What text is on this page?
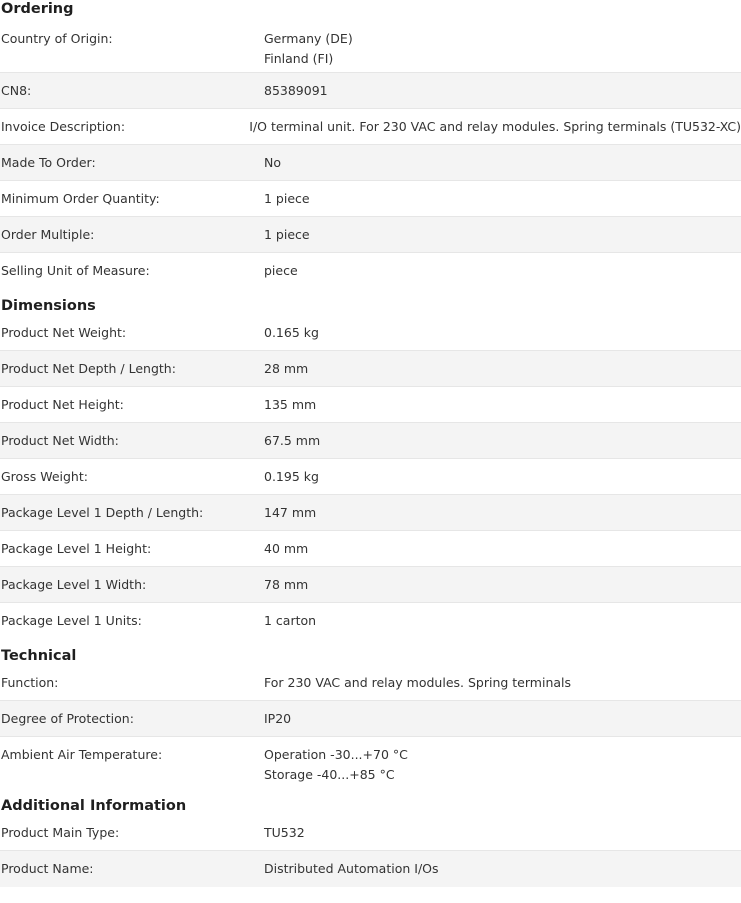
Ordering
Country of Origin:	Germany (DE)
Finland (FI)
CN8:	85389091
Invoice Description:	I/O terminal unit. For 230 VAC and relay modules. Spring terminals (TU532-XC)
Made To Order:	No
Minimum Order Quantity:	1 piece
Order Multiple:	1 piece
Selling Unit of Measure:	piece
Dimensions
Product Net Weight:	0.165 kg
Product Net Depth / Length:	28 mm
Product Net Height:	135 mm
Product Net Width:	67.5 mm
Gross Weight:	0.195 kg
Package Level 1 Depth / Length:	147 mm
Package Level 1 Height:	40 mm
Package Level 1 Width:	78 mm
Package Level 1 Units:	1 carton
Technical
Function:	For 230 VAC and relay modules. Spring terminals
Degree of Protection:	IP20
Ambient Air Temperature:	Operation -30...+70 °C
Storage -40...+85 °C
Additional Information
Product Main Type:	TU532
Product Name:	Distributed Automation I/Os
